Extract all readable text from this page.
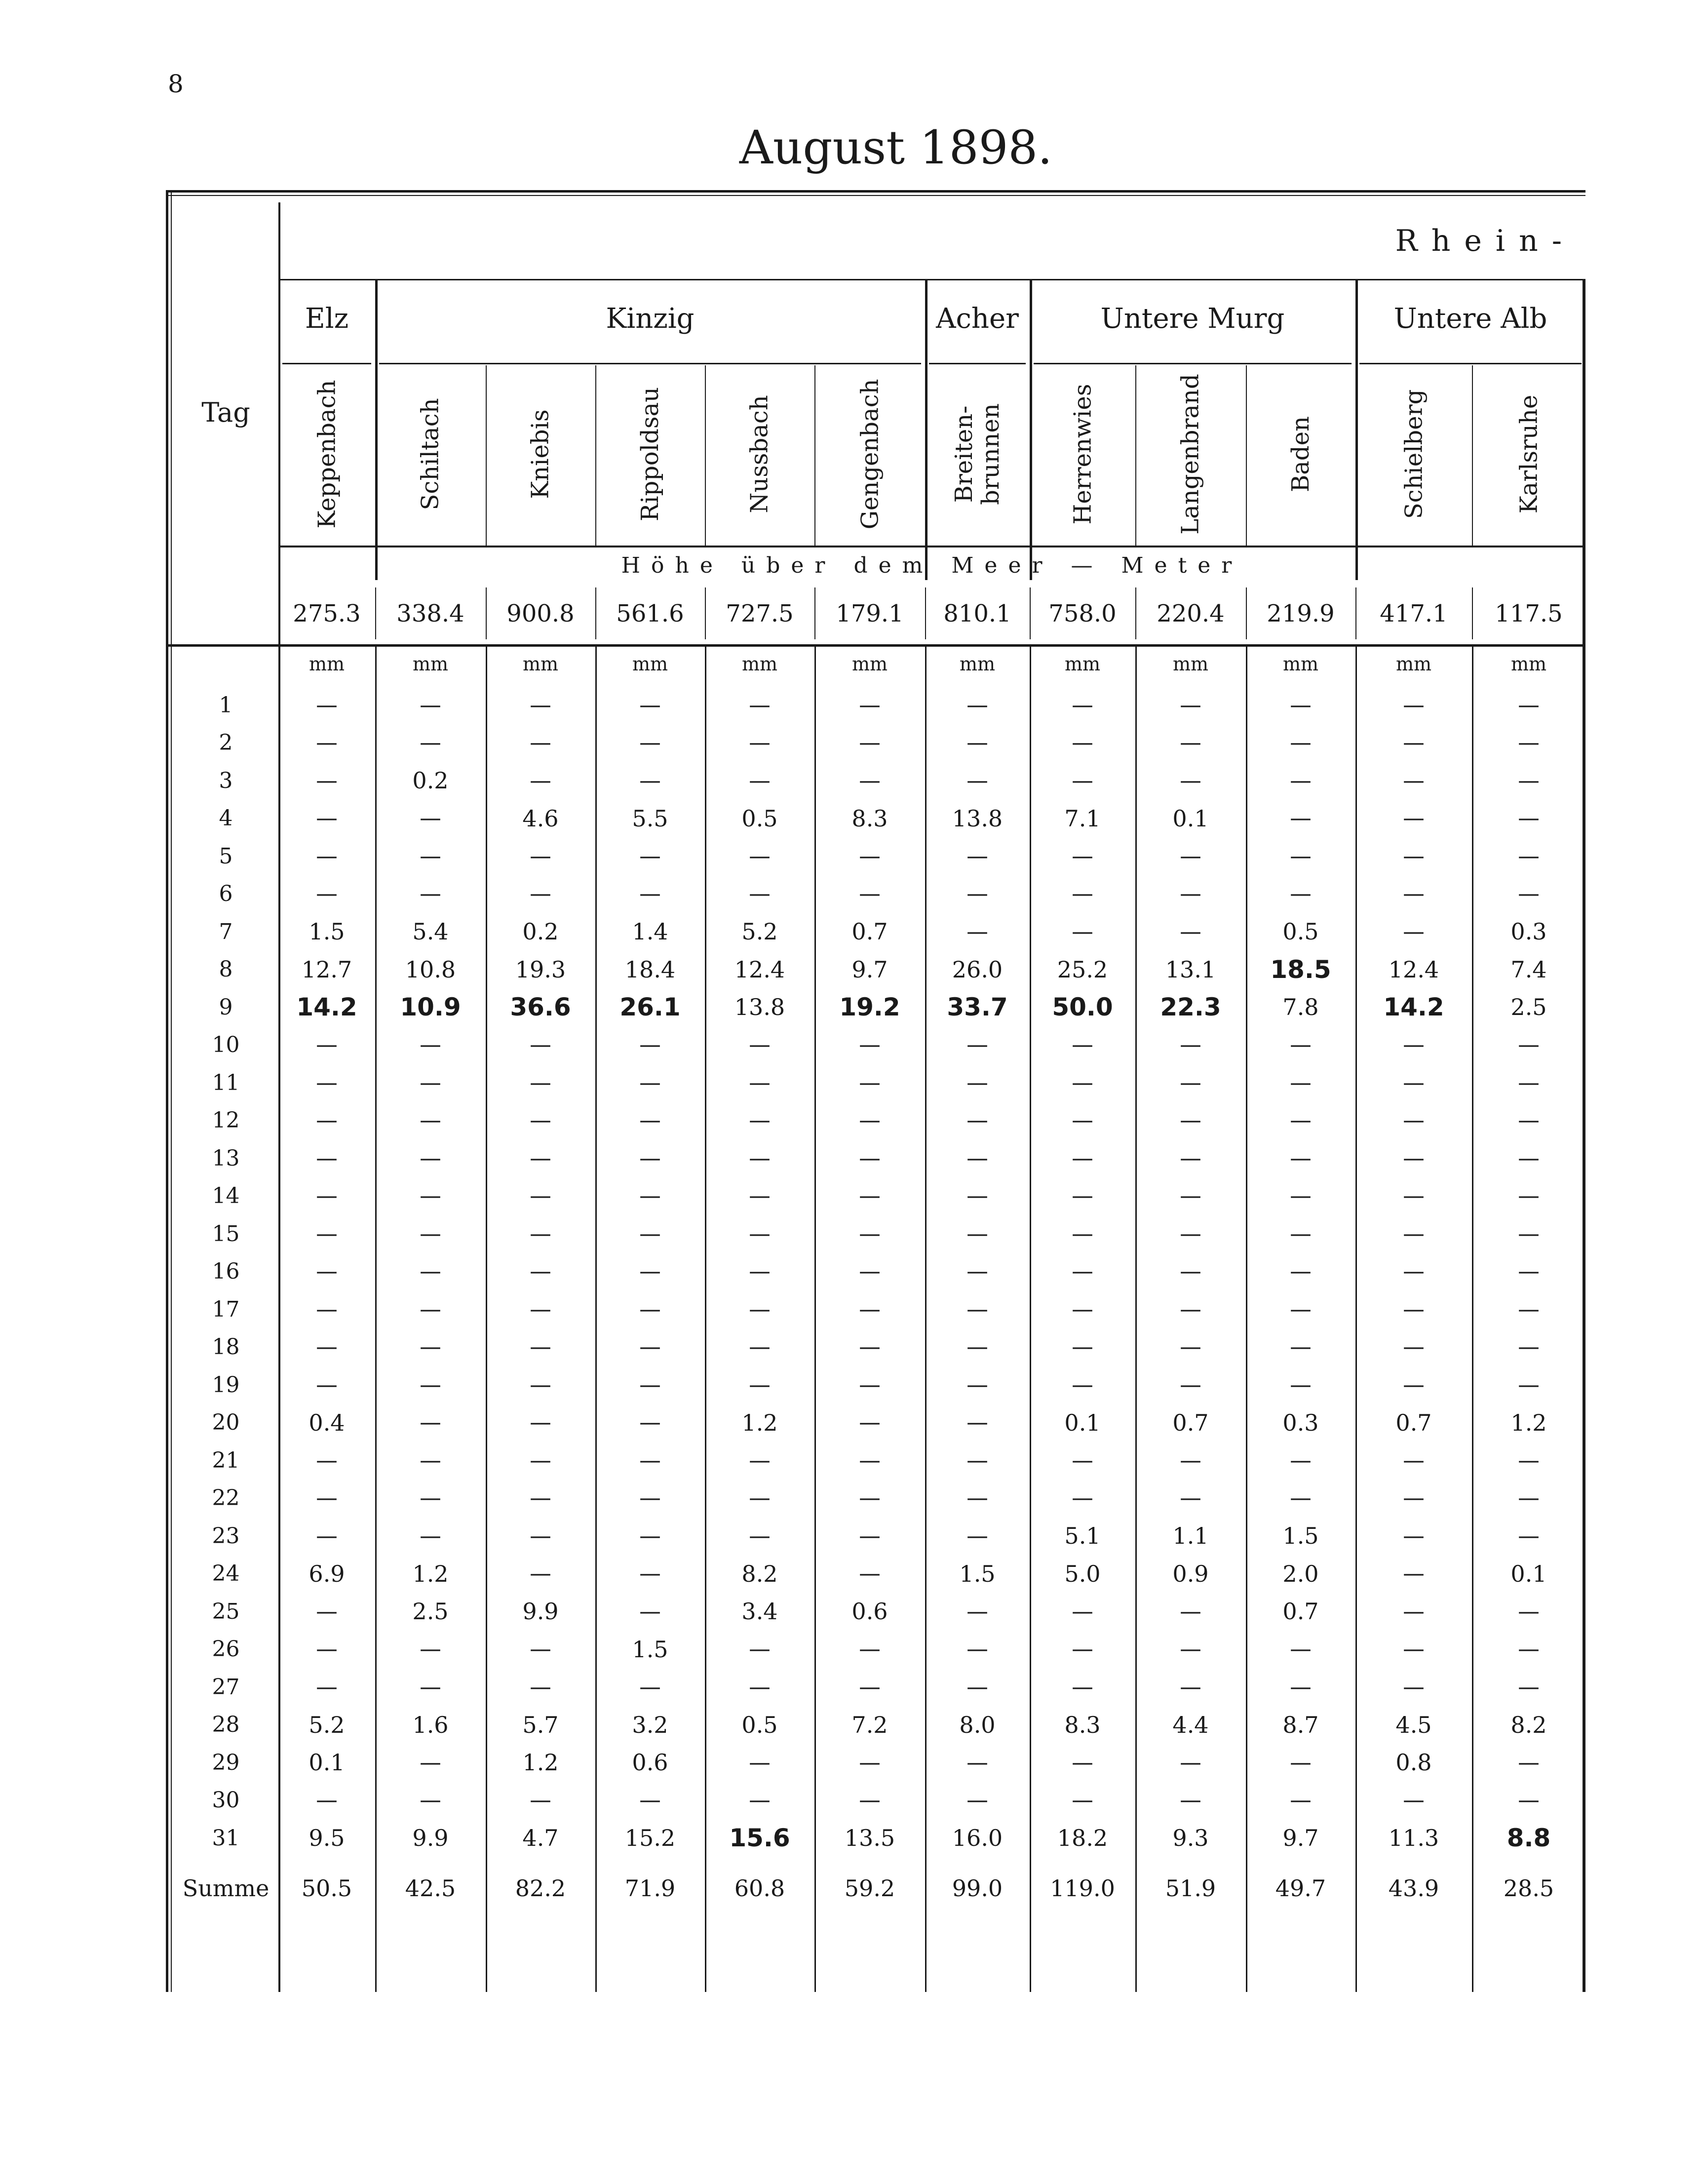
8
August 1898.
Rhein-
Elz	Kinzig	Acher	Untere Murg	Untere Alb
Keppenbach	Schiltach	Kniebis	Rippoldsau	Nussbach	Gengenbach	Breiten-
brunnen	Herrenwies	Langenbrand	Baden	Schielberg	Karlsruhe
Tag
Höhe über dem Meer — Meter
275.3	338.4	900.8	561.6	727.5	179.1	810.1	758.0	220.4	219.9	417.1	117.5
mm	mm	mm	mm	mm	mm	mm	mm	mm	mm	mm	mm
1	—	—	—	—	—	—	—	—	—	—	—	—
2	—	—	—	—	—	—	—	—	—	—	—	—
3	—	0.2	—	—	—	—	—	—	—	—	—	—
4	—	—	4.6	5.5	0.5	8.3	13.8	7.1	0.1	—	—	—
5	—	—	—	—	—	—	—	—	—	—	—	—
6	—	—	—	—	—	—	—	—	—	—	—	—
7	1.5	5.4	0.2	1.4	5.2	0.7	—	—	—	0.5	—	0.3
8	12.7	10.8	19.3	18.4	12.4	9.7	26.0	25.2	13.1	18.5	12.4	7.4
9	14.2	10.9	36.6	26.1	13.8	19.2	33.7	50.0	22.3	7.8	14.2	2.5
10	—	—	—	—	—	—	—	—	—	—	—	—
11	—	—	—	—	—	—	—	—	—	—	—	—
12	—	—	—	—	—	—	—	—	—	—	—	—
13	—	—	—	—	—	—	—	—	—	—	—	—
14	—	—	—	—	—	—	—	—	—	—	—	—
15	—	—	—	—	—	—	—	—	—	—	—	—
16	—	—	—	—	—	—	—	—	—	—	—	—
17	—	—	—	—	—	—	—	—	—	—	—	—
18	—	—	—	—	—	—	—	—	—	—	—	—
19	—	—	—	—	—	—	—	—	—	—	—	—
20	0.4	—	—	—	1.2	—	—	0.1	0.7	0.3	0.7	1.2
21	—	—	—	—	—	—	—	—	—	—	—	—
22	—	—	—	—	—	—	—	—	—	—	—	—
23	—	—	—	—	—	—	—	5.1	1.1	1.5	—	—
24	6.9	1.2	—	—	8.2	—	1.5	5.0	0.9	2.0	—	0.1
25	—	2.5	9.9	—	3.4	0.6	—	—	—	0.7	—	—
26	—	—	—	1.5	—	—	—	—	—	—	—	—
27	—	—	—	—	—	—	—	—	—	—	—	—
28	5.2	1.6	5.7	3.2	0.5	7.2	8.0	8.3	4.4	8.7	4.5	8.2
29	0.1	—	1.2	0.6	—	—	—	—	—	—	0.8	—
30	—	—	—	—	—	—	—	—	—	—	—	—
31	9.5	9.9	4.7	15.2	15.6	13.5	16.0	18.2	9.3	9.7	11.3	8.8
Summe	50.5	42.5	82.2	71.9	60.8	59.2	99.0	119.0	51.9	49.7	43.9	28.5
